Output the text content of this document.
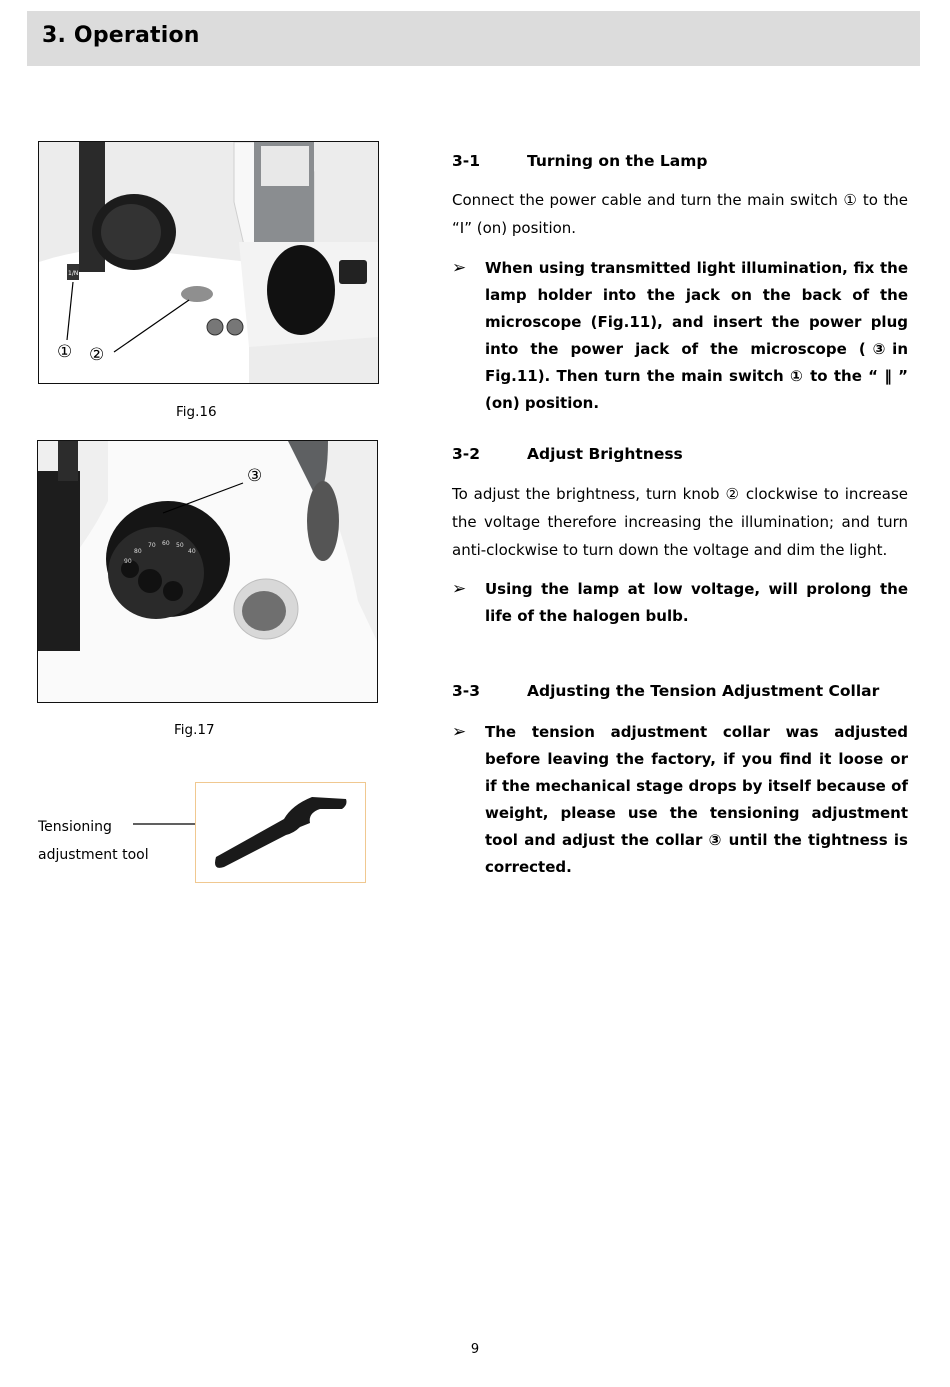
3. Operation
1/N
① ②
Fig.16
70
80
90
60 50
40
③
Fig.17
Tensioning
adjustment tool
3-1	Turning on the Lamp
Connect the power cable and turn the main switch ① to the “I” (on) position.
➢ When using transmitted light illumination, fix the lamp holder into the jack on the back of the microscope (Fig.11), and insert the power plug into the power jack of the microscope (③in Fig.11). Then turn the main switch ① to the “ ‖ ” (on) position.
3-2	Adjust Brightness
To adjust the brightness, turn knob ② clockwise to increase the voltage therefore increasing the illumination; and turn anti-clockwise to turn down the voltage and dim the light.
➢ Using the lamp at low voltage, will prolong the life of the halogen bulb.
3-3	Adjusting the Tension Adjustment Collar
➢ The tension adjustment collar was adjusted before leaving the factory, if you find it loose or if the mechanical stage drops by itself because of weight, please use the tensioning adjustment tool and adjust the collar ③ until the tightness is corrected.
9
